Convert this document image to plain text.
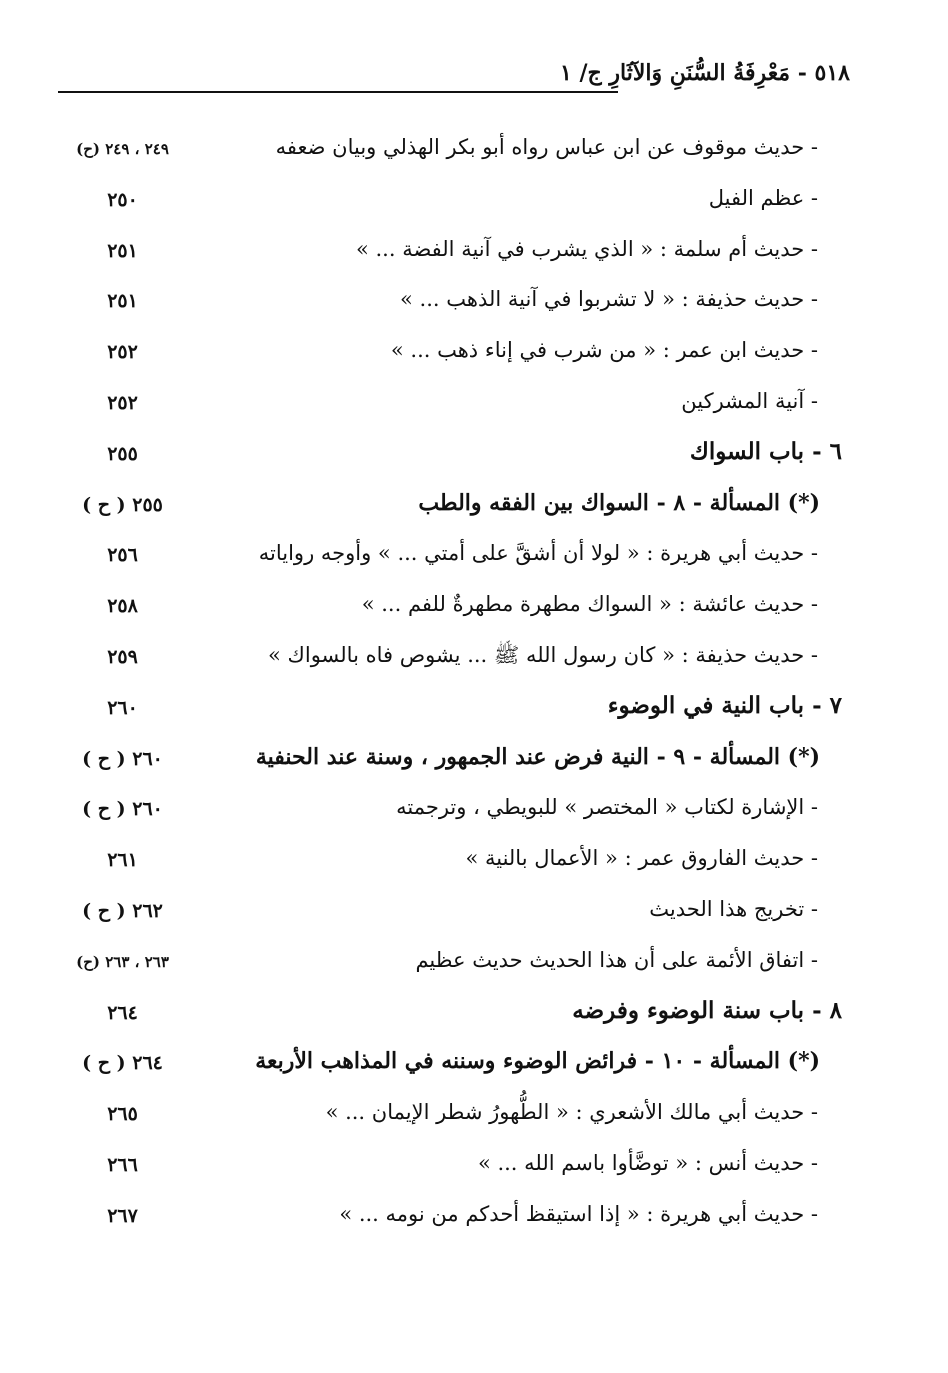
٥١٨ - مَعْرِفَةُ السُّنَنِ وَالآثَارِ ج/ ١
- حديث موقوف عن ابن عباس رواه أبو بكر الهذلي وبيان ضعفه
٢٤٩ ، ٢٤٩ (ح)
- عظم الفيل
٢٥٠
- حديث أم سلمة : « الذي يشرب في آنية الفضة ... »
٢٥١
- حديث حذيفة : « لا تشربوا في آنية الذهب ... »
٢٥١
- حديث ابن عمر : « من شرب في إناء ذهب ... »
٢٥٢
- آنية المشركين
٢٥٢
٦ - باب السواك
٢٥٥
(*) المسألة - ٨ - السواك بين الفقه والطب
٢٥٥ ( ح )
- حديث أبي هريرة : « لولا أن أشقَّ على أمتي ... » وأوجه رواياته
٢٥٦
- حديث عائشة : « السواك مطهرة مطهرةٌ للفم ... »
٢٥٨
- حديث حذيفة : « كان رسول الله ﷺ ... يشوص فاه بالسواك »
٢٥٩
٧ - باب النية في الوضوء
٢٦٠
(*) المسألة - ٩ - النية فرض عند الجمهور ، وسنة عند الحنفية
٢٦٠ ( ح )
- الإشارة لكتاب « المختصر » للبويطي ، وترجمته
٢٦٠ ( ح )
- حديث الفاروق عمر : « الأعمال بالنية »
٢٦١
- تخريج هذا الحديث
٢٦٢ ( ح )
- اتفاق الأئمة على أن هذا الحديث حديث عظيم
٢٦٣ ، ٢٦٣ (ح)
٨ - باب سنة الوضوء وفرضه
٢٦٤
(*) المسألة - ١٠ - فرائض الوضوء وسننه في المذاهب الأربعة
٢٦٤ ( ح )
- حديث أبي مالك الأشعري : « الطُّهورُ شطر الإيمان ... »
٢٦٥
- حديث أنس : « توضَّأوا باسم الله ... »
٢٦٦
- حديث أبي هريرة : « إذا استيقظ أحدكم من نومه ... »
٢٦٧
